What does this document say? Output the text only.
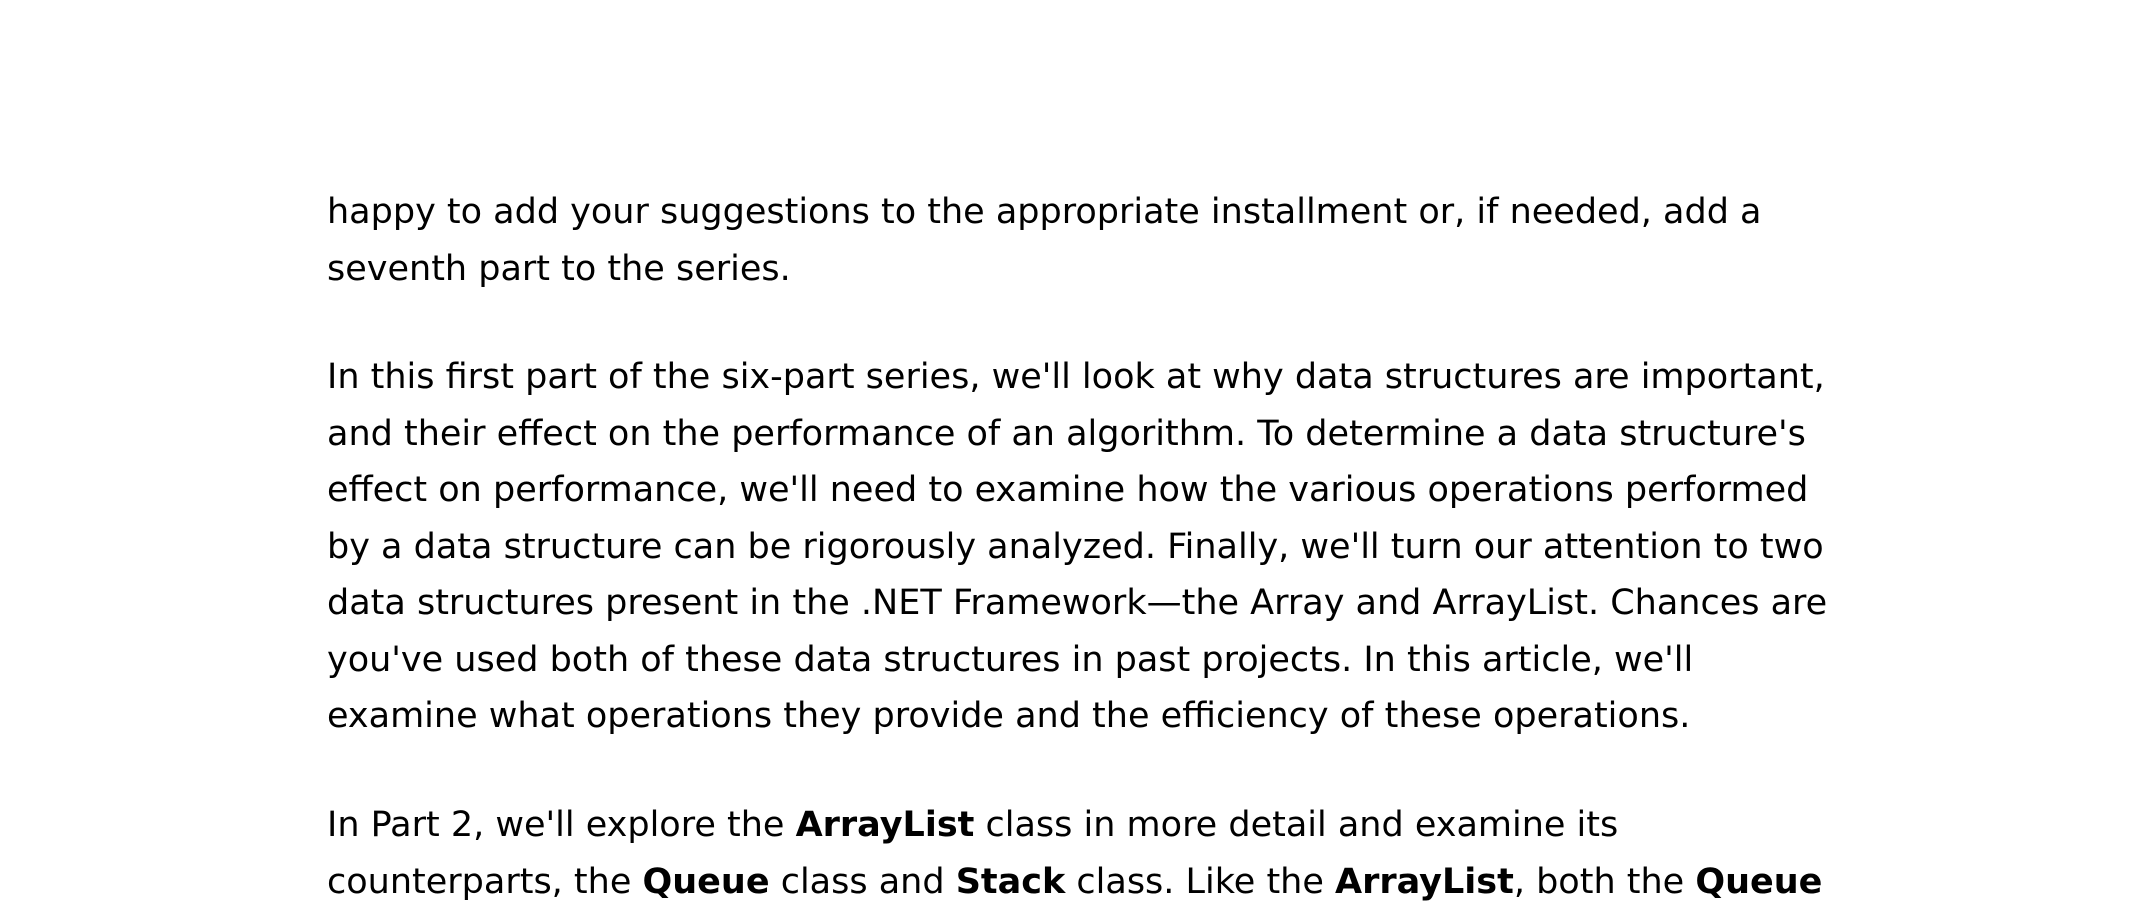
happy to add your suggestions to the appropriate installment or, if needed, add a
seventh part to the series.

In this first part of the six-part series, we'll look at why data structures are important,
and their effect on the performance of an algorithm. To determine a data structure's
effect on performance, we'll need to examine how the various operations performed
by a data structure can be rigorously analyzed. Finally, we'll turn our attention to two
data structures present in the .NET Framework—the Array and ArrayList. Chances are
you've used both of these data structures in past projects. In this article, we'll
examine what operations they provide and the efficiency of these operations.

In Part 2, we'll explore the ArrayList class in more detail and examine its
counterparts, the Queue class and Stack class. Like the ArrayList, both the Queue
